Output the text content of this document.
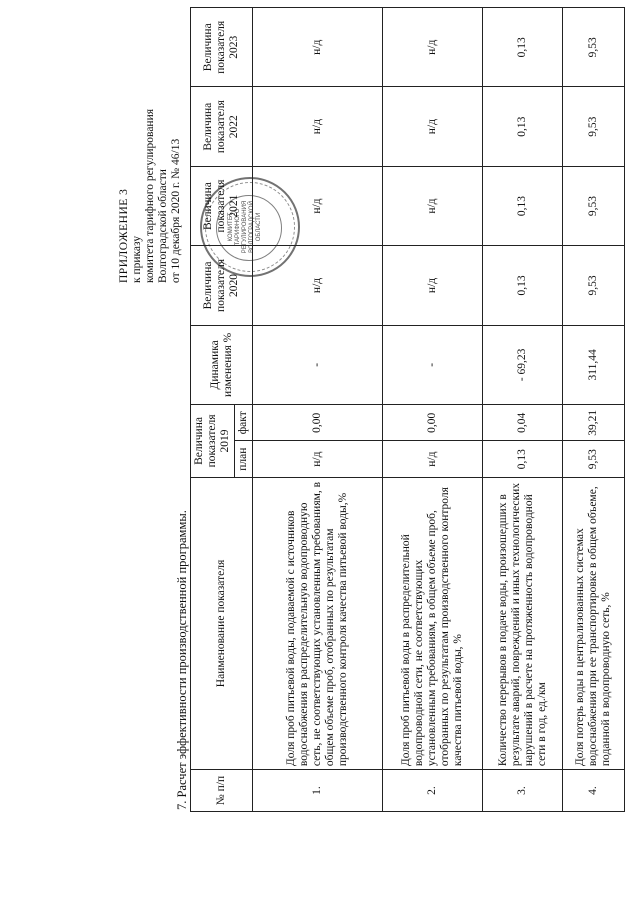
ПРИЛОЖЕНИЕ 3 к приказу комитета тарифного регулирования Волгоградской области от 10 декабря 2020 г. № 46/13	КОМИТЕТ ТАРИФНОГО РЕГУЛИРОВАНИЯ ВОЛГОГРАДСКОЙ ОБЛАСТИ
7. Расчет эффективности производственной программы. № п/п	Наименование показателя	Величина показателя 2019		Динамика изменения %	Величина показателя 2020	Величина показателя 2021	Величина показателя 2022	Величина показателя 2023
		план	факт					
1.	Доля проб питьевой воды, подаваемой с источников водоснабжения в распределительную водопроводную сеть, не соответствующих установленным требованиям, в общем объеме проб, отобранных по результатам производственного контроля качества питьевой воды,%	н/д	0,00	-	н/д	н/д	н/д	н/д
2.	Доля проб питьевой воды в распределительной водопроводной сети, не соответствующих установленным требованиям, в общем объеме проб, отобранных по результатам производственного контроля качества питьевой воды, %	н/д	0,00	-	н/д	н/д	н/д	н/д
3.	Количество перерывов в подаче воды, произошедших в результате аварий, повреждений и иных технологических нарушений в расчете на протяженность водопроводной сети в год, ед./км	0,13	0,04	- 69,23	0,13	0,13	0,13	0,13
4.	Доля потерь воды в централизованных системах водоснабжения при ее транспортировке в общем объеме, поданной в водопроводную сеть, %	9,53	39,21	311,44	9,53	9,53	9,53	9,53
